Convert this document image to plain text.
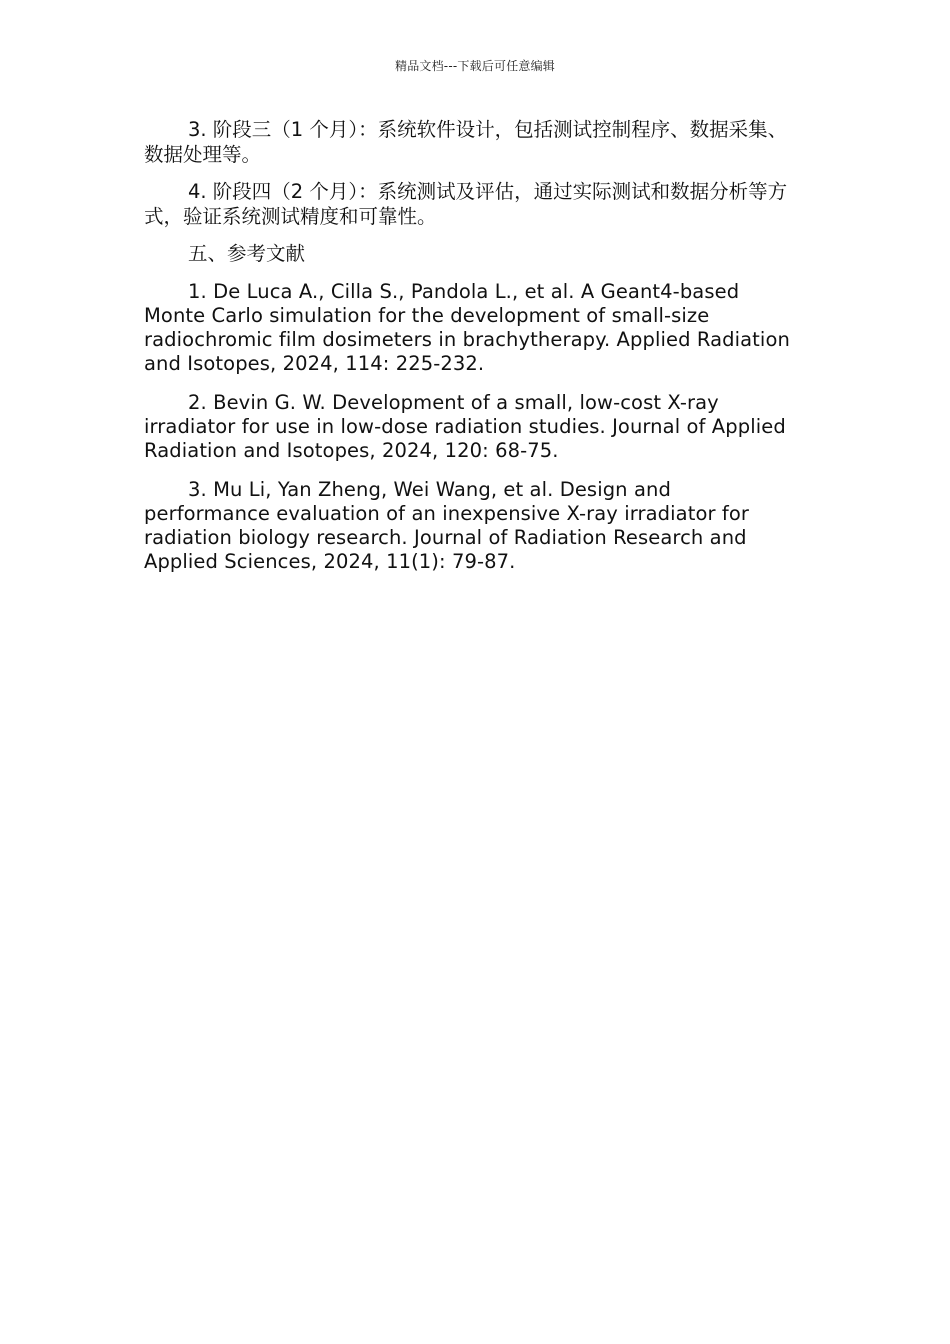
精品文档---下载后可任意编辑

3. 阶段三（1 个月）：系统软件设计，包括测试控制程序、数据采集、数据处理等。

4. 阶段四（2 个月）：系统测试及评估，通过实际测试和数据分析等方式，验证系统测试精度和可靠性。

五、参考文献

1. De Luca A., Cilla S., Pandola L., et al. A Geant4-based Monte Carlo simulation for the development of small-size radiochromic film dosimeters in brachytherapy. Applied Radiation and Isotopes, 2024, 114: 225-232.

2. Bevin G. W. Development of a small, low-cost X-ray irradiator for use in low-dose radiation studies. Journal of Applied Radiation and Isotopes, 2024, 120: 68-75.

3. Mu Li, Yan Zheng, Wei Wang, et al. Design and performance evaluation of an inexpensive X-ray irradiator for radiation biology research. Journal of Radiation Research and Applied Sciences, 2024, 11(1): 79-87.
